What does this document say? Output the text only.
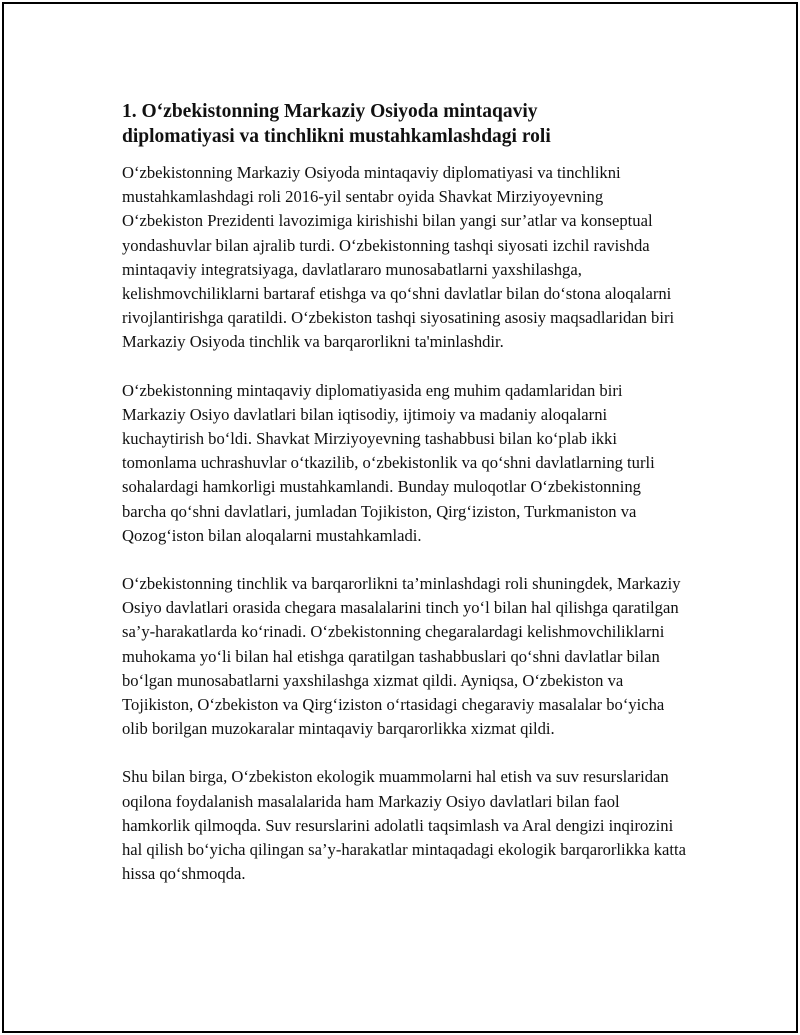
1. O‘zbekistonning Markaziy Osiyoda mintaqaviy diplomatiyasi va tinchlikni mustahkamlashdagi roli

O‘zbekistonning Markaziy Osiyoda mintaqaviy diplomatiyasi va tinchlikni mustahkamlashdagi roli 2016-yil sentabr oyida Shavkat Mirziyoyevning O‘zbekiston Prezidenti lavozimiga kirishishi bilan yangi sur’atlar va konseptual yondashuvlar bilan ajralib turdi. O‘zbekistonning tashqi siyosati izchil ravishda mintaqaviy integratsiyaga, davlatlararo munosabatlarni yaxshilashga, kelishmovchiliklarni bartaraf etishga va qo‘shni davlatlar bilan do‘stona aloqalarni rivojlantirishga qaratildi. O‘zbekiston tashqi siyosatining asosiy maqsadlaridan biri Markaziy Osiyoda tinchlik va barqarorlikni ta'minlashdir.

O‘zbekistonning mintaqaviy diplomatiyasida eng muhim qadamlaridan biri Markaziy Osiyo davlatlari bilan iqtisodiy, ijtimoiy va madaniy aloqalarni kuchaytirish bo‘ldi. Shavkat Mirziyoyevning tashabbusi bilan ko‘plab ikki tomonlama uchrashuvlar o‘tkazilib, o‘zbekistonlik va qo‘shni davlatlarning turli sohalardagi hamkorligi mustahkamlandi. Bunday muloqotlar O‘zbekistonning barcha qo‘shni davlatlari, jumladan Tojikiston, Qirg‘iziston, Turkmaniston va Qozog‘iston bilan aloqalarni mustahkamladi.

O‘zbekistonning tinchlik va barqarorlikni ta’minlashdagi roli shuningdek, Markaziy Osiyo davlatlari orasida chegara masalalarini tinch yo‘l bilan hal qilishga qaratilgan sa’y-harakatlarda ko‘rinadi. O‘zbekistonning chegaralardagi kelishmovchiliklarni muhokama yo‘li bilan hal etishga qaratilgan tashabbuslari qo‘shni davlatlar bilan bo‘lgan munosabatlarni yaxshilashga xizmat qildi. Ayniqsa, O‘zbekiston va Tojikiston, O‘zbekiston va Qirg‘iziston o‘rtasidagi chegaraviy masalalar bo‘yicha olib borilgan muzokaralar mintaqaviy barqarorlikka xizmat qildi.

Shu bilan birga, O‘zbekiston ekologik muammolarni hal etish va suv resurslaridan oqilona foydalanish masalalarida ham Markaziy Osiyo davlatlari bilan faol hamkorlik qilmoqda. Suv resurslarini adolatli taqsimlash va Aral dengizi inqirozini hal qilish bo‘yicha qilingan sa’y-harakatlar mintaqadagi ekologik barqarorlikka katta hissa qo‘shmoqda.
